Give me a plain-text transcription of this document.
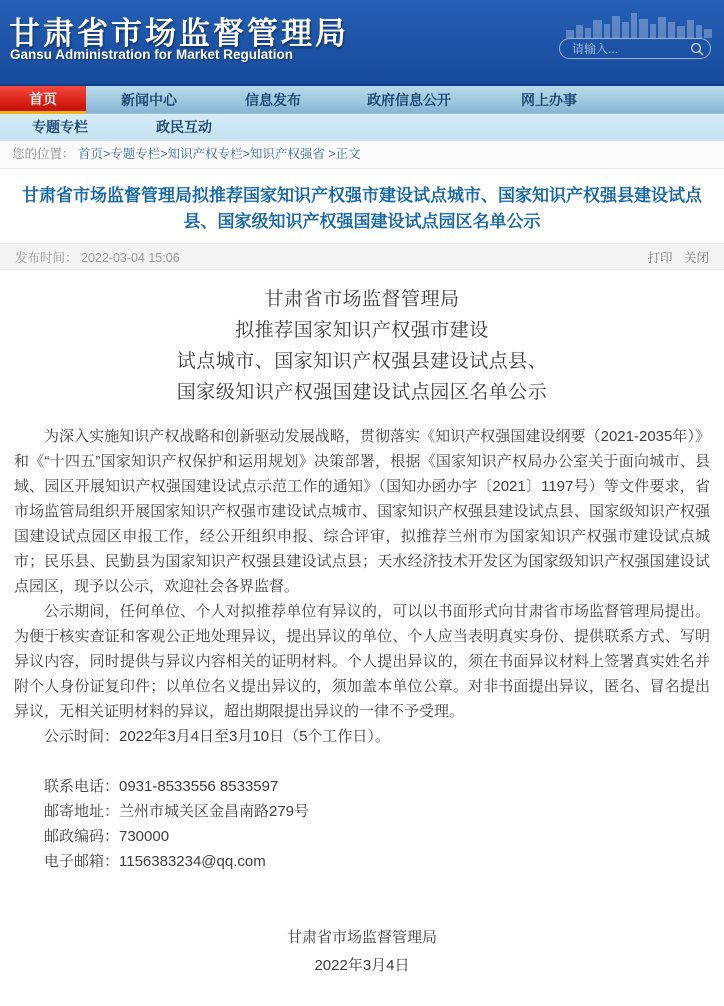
甘肃省市场监督管理局
Gansu Administration for Market Regulation
请输入...
首页	新闻中心	信息发布	政府信息公开	网上办事
专题专栏	政民互动
您的位置： 首页>专题专栏>知识产权专栏>知识产权强省 >正文
甘肃省市场监督管理局拟推荐国家知识产权强市建设试点城市、国家知识产权强县建设试点县、国家级知识产权强国建设试点园区名单公示
发布时间： 2022-03-04 15:06	打印 关闭
甘肃省市场监督管理局
拟推荐国家知识产权强市建设
试点城市、国家知识产权强县建设试点县、
国家级知识产权强国建设试点园区名单公示

为深入实施知识产权战略和创新驱动发展战略，贯彻落实《知识产权强国建设纲要（2021-2035年）》和《“十四五”国家知识产权保护和运用规划》决策部署，根据《国家知识产权局办公室关于面向城市、县域、园区开展知识产权强国建设试点示范工作的通知》（国知办函办字〔2021〕1197号）等文件要求，省市场监管局组织开展国家知识产权强市建设试点城市、国家知识产权强县建设试点县、国家级知识产权强国建设试点园区申报工作，经公开组织申报、综合评审，拟推荐兰州市为国家知识产权强市建设试点城市；民乐县、民勤县为国家知识产权强县建设试点县；天水经济技术开发区为国家级知识产权强国建设试点园区，现予以公示，欢迎社会各界监督。

公示期间，任何单位、个人对拟推荐单位有异议的，可以以书面形式向甘肃省市场监督管理局提出。为便于核实查证和客观公正地处理异议，提出异议的单位、个人应当表明真实身份、提供联系方式、写明异议内容，同时提供与异议内容相关的证明材料。个人提出异议的，须在书面异议材料上签署真实姓名并附个人身份证复印件；以单位名义提出异议的，须加盖本单位公章。对非书面提出异议，匿名、冒名提出异议，无相关证明材料的异议，超出期限提出异议的一律不予受理。

公示时间：2022年3月4日至3月10日（5个工作日）。

联系电话：0931-8533556 8533597

邮寄地址：兰州市城关区金昌南路279号

邮政编码：730000

电子邮箱：1156383234@qq.com

甘肃省市场监督管理局
2022年3月4日
